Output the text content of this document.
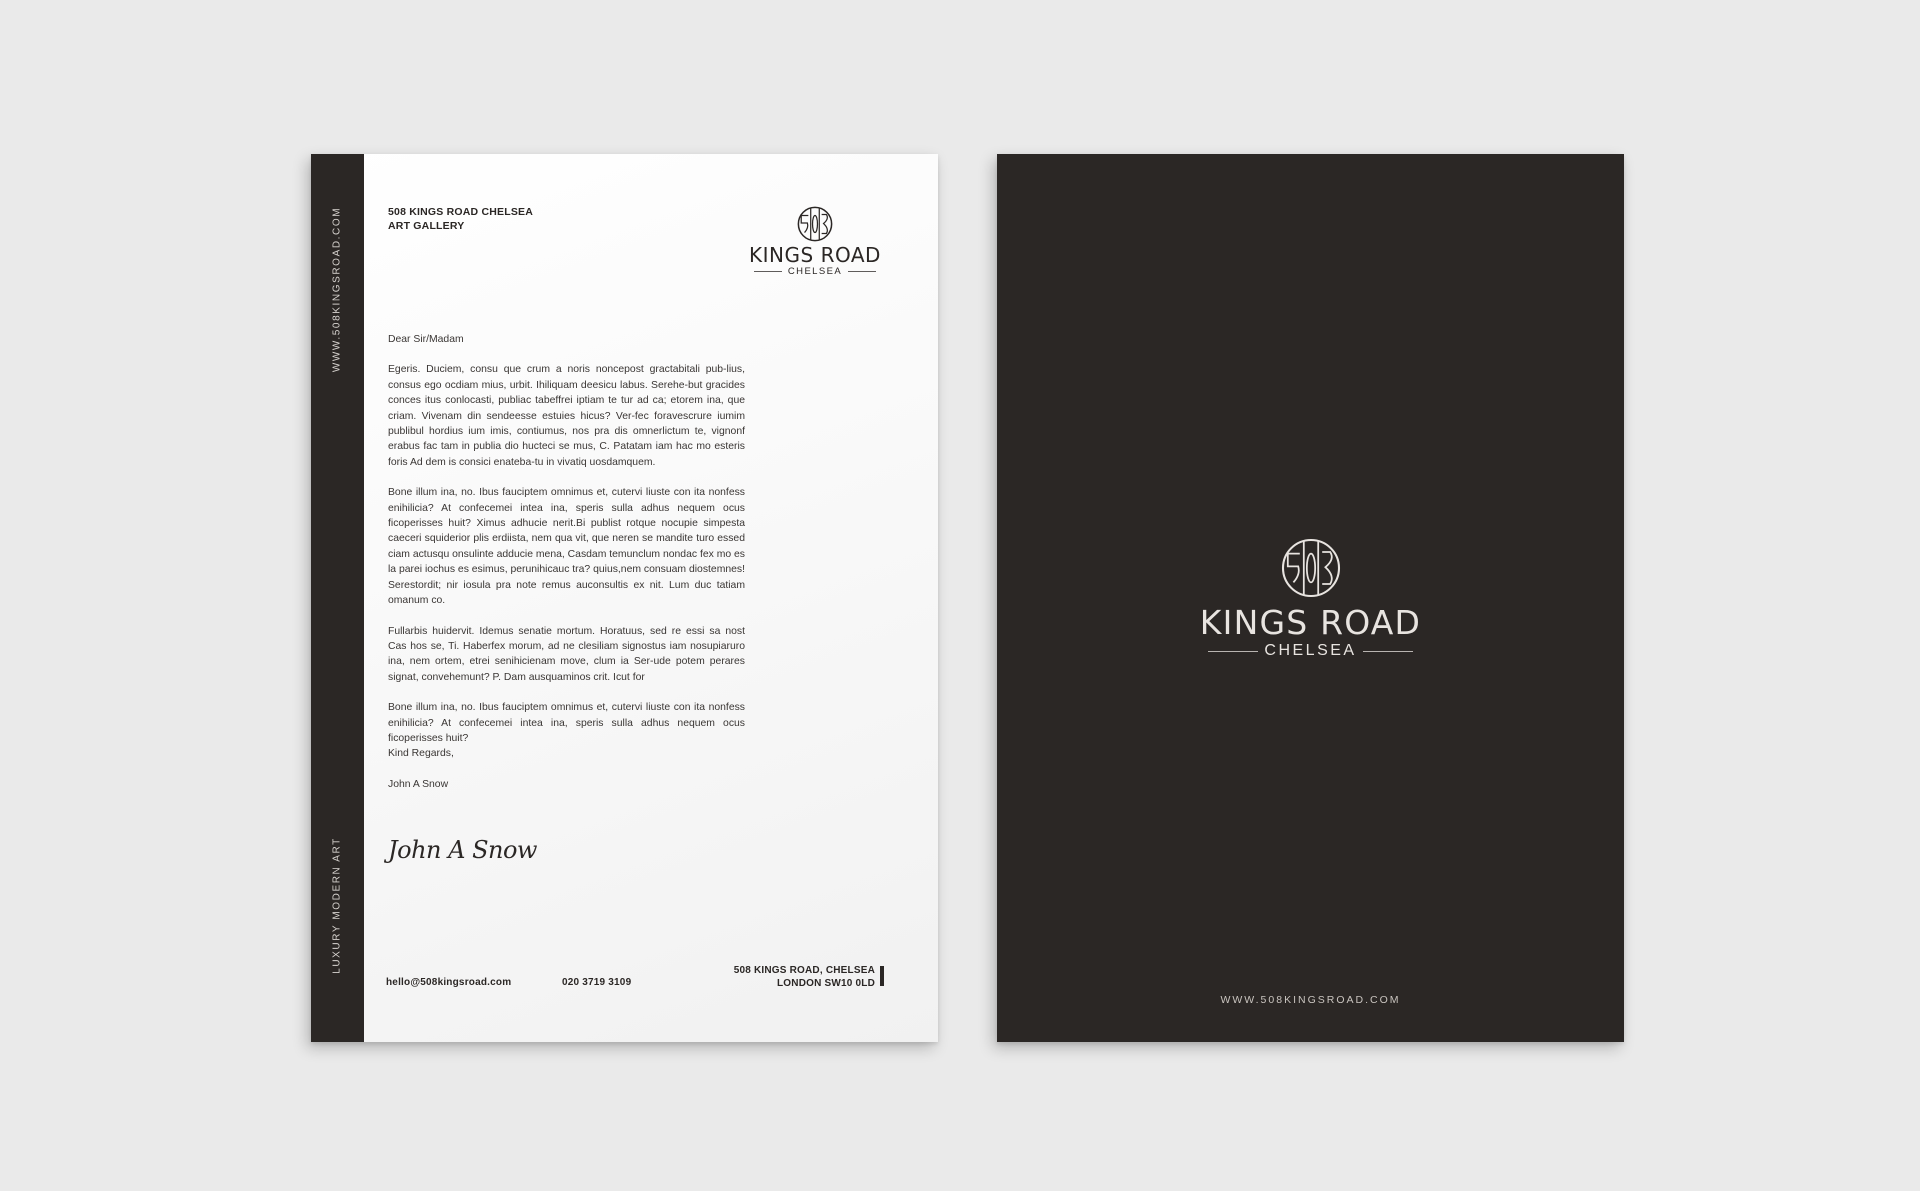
WWW.508KINGSROAD.COM
LUXURY MODERN ART
508 KINGS ROAD CHELSEA
ART GALLERY
KINGS ROAD
CHELSEA

Dear Sir/Madam

Egeris. Duciem, consu que crum a noris noncepost gractabitali pub-lius, consus ego ocdiam mius, urbit. Ihiliquam deesicu labus. Serehe-but gracides conces itus conlocasti, publiac tabeffrei iptiam te tur ad ca; etorem ina, que criam. Vivenam din sendeesse estuies hicus? Ver-fec foravescrure iumim publibul hordius ium imis, contiumus, nos pra dis omnerlictum te, vignonf erabus fac tam in publia dio hucteci se mus, C. Patatam iam hac mo esteris foris Ad dem is consici enateba-tu in vivatiq uosdamquem.

Bone illum ina, no. Ibus fauciptem omnimus et, cutervi liuste con ita nonfess enihilicia? At confecemei intea ina, speris sulla adhus nequem ocus ficoperisses huit? Ximus adhucie nerit.Bi publist rotque nocupie simpesta caeceri squiderior plis erdiista, nem qua vit, que neren se mandite turo essed ciam actusqu onsulinte adducie mena, Casdam temunclum nondac fex mo es la parei iochus es esimus, perunihicauc tra? quius,nem consuam diostemnes! Serestordit; nir iosula pra note remus auconsultis ex nit. Lum duc tatiam omanum co.

Fullarbis huidervit. Idemus senatie mortum. Horatuus, sed re essi sa nost Cas hos se, Ti. Haberfex morum, ad ne clesiliam signostus iam nosupiaruro ina, nem ortem, etrei senihicienam move, clum ia Ser-ude potem perares signat, convehemunt? P. Dam ausquaminos crit. Icut for

Bone illum ina, no. Ibus fauciptem omnimus et, cutervi liuste con ita nonfess enihilicia? At confecemei intea ina, speris sulla adhus nequem ocus ficoperisses huit?

Kind Regards,

John A Snow

John A Snow
hello@508kingsroad.com	020 3719 3109
508 KINGS ROAD, CHELSEA
LONDON SW10 0LD
KINGS ROAD
CHELSEA
WWW.508KINGSROAD.COM
